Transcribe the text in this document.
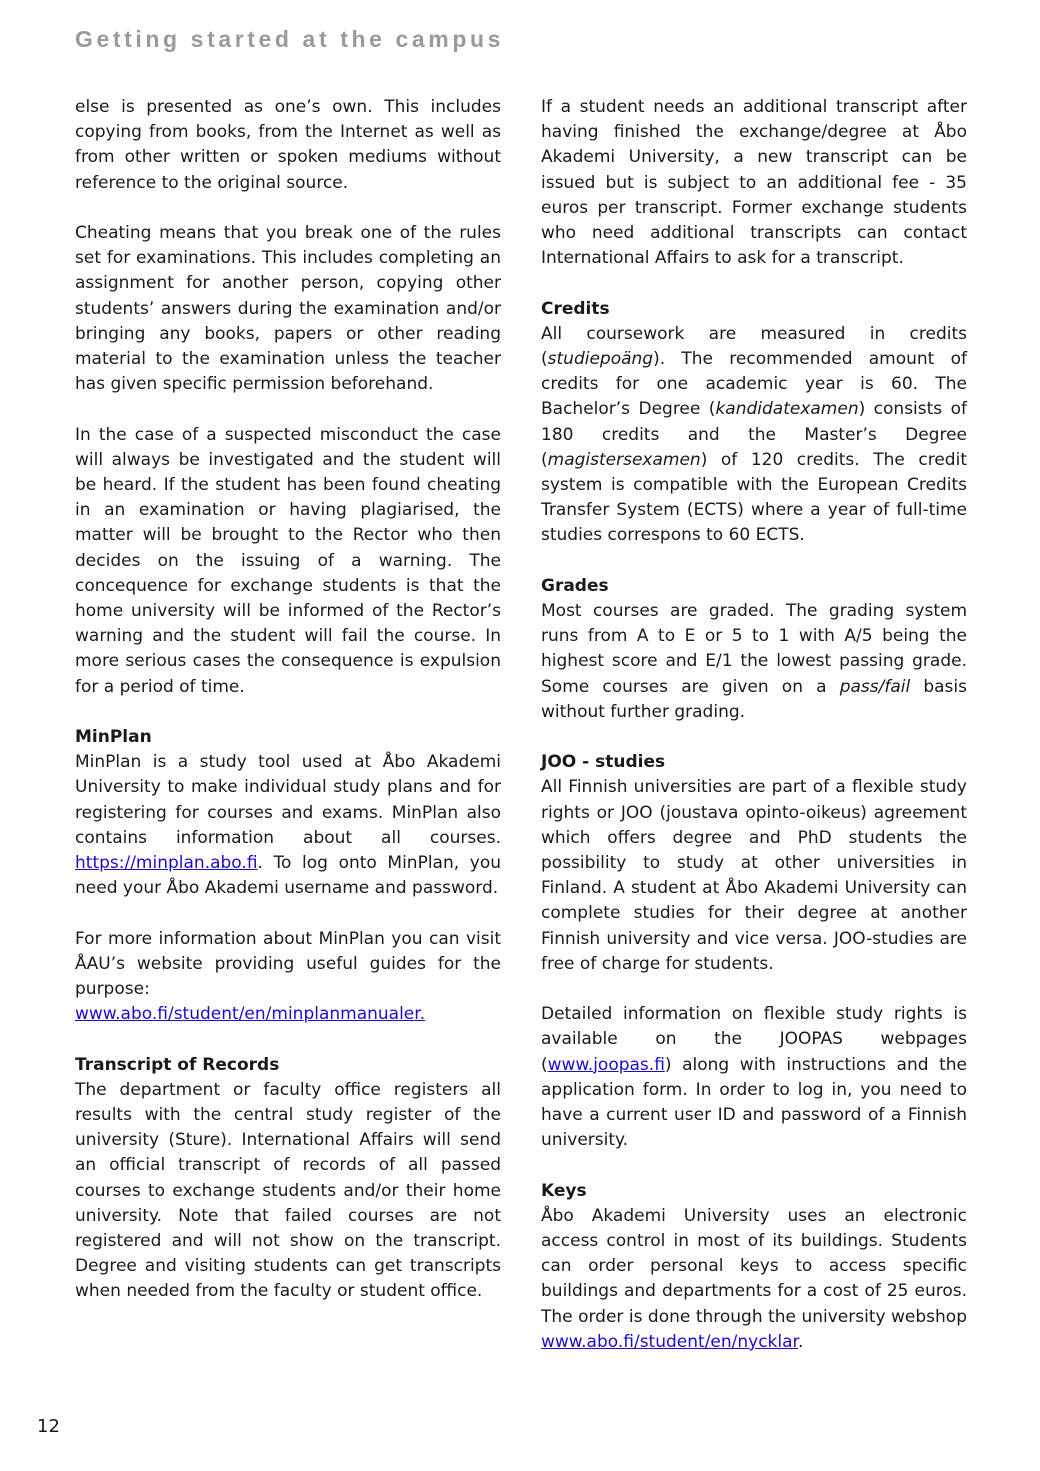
Getting started at the campus

else is presented as one’s own. This includes copying from books, from the Internet as well as from other written or spoken mediums without reference to the original source.

Cheating means that you break one of the rules set for examinations. This includes completing an assignment for another person, copying other students’ answers during the examination and/or bringing any books, papers or other reading material to the examination unless the teacher has given specific permission beforehand.

In the case of a suspected misconduct the case will always be investigated and the student will be heard. If the student has been found cheating in an examination or having plagiarised, the matter will be brought to the Rector who then decides on the issuing of a warning. The concequence for exchange students is that the home university will be informed of the Rector’s warning and the student will fail the course. In more serious cases the consequence is expulsion for a period of time.

MinPlan

MinPlan is a study tool used at Åbo Akademi University to make individual study plans and for registering for courses and exams. MinPlan also contains information about all courses. https://minplan.abo.fi. To log onto MinPlan, you need your Åbo Akademi username and password.

For more information about MinPlan you can visit ÅAU’s website providing useful guides for the purpose: www.abo.fi/student/en/minplanmanualer.

Transcript of Records

The department or faculty office registers all results with the central study register of the university (Sture). International Affairs will send an official transcript of records of all passed courses to exchange students and/or their home university. Note that failed courses are not registered and will not show on the transcript. Degree and visiting students can get transcripts when needed from the faculty or student office.

If a student needs an additional transcript after having finished the exchange/degree at Åbo Akademi University, a new transcript can be issued but is subject to an additional fee - 35 euros per transcript. Former exchange students who need additional transcripts can contact International Affairs to ask for a transcript.

Credits

All coursework are measured in credits (studiepoäng). The recommended amount of credits for one academic year is 60. The Bachelor’s Degree (kandidatexamen) consists of 180 credits and the Master’s Degree (magistersexamen) of 120 credits. The credit system is compatible with the European Credits Transfer System (ECTS) where a year of full-time studies correspons to 60 ECTS.

Grades

Most courses are graded. The grading system runs from A to E or 5 to 1 with A/5 being the highest score and E/1 the lowest passing grade. Some courses are given on a pass/fail basis without further grading.

JOO - studies

All Finnish universities are part of a flexible study rights or JOO (joustava opinto-oikeus) agreement which offers degree and PhD students the possibility to study at other universities in Finland. A student at Åbo Akademi University can complete studies for their degree at another Finnish university and vice versa. JOO-studies are free of charge for students.

Detailed information on flexible study rights is available on the JOOPAS webpages (www.joopas.fi) along with instructions and the application form. In order to log in, you need to have a current user ID and password of a Finnish university.

Keys

Åbo Akademi University uses an electronic access control in most of its buildings. Students can order personal keys to access specific buildings and departments for a cost of 25 euros. The order is done through the university webshop www.abo.fi/student/en/nycklar.

12
